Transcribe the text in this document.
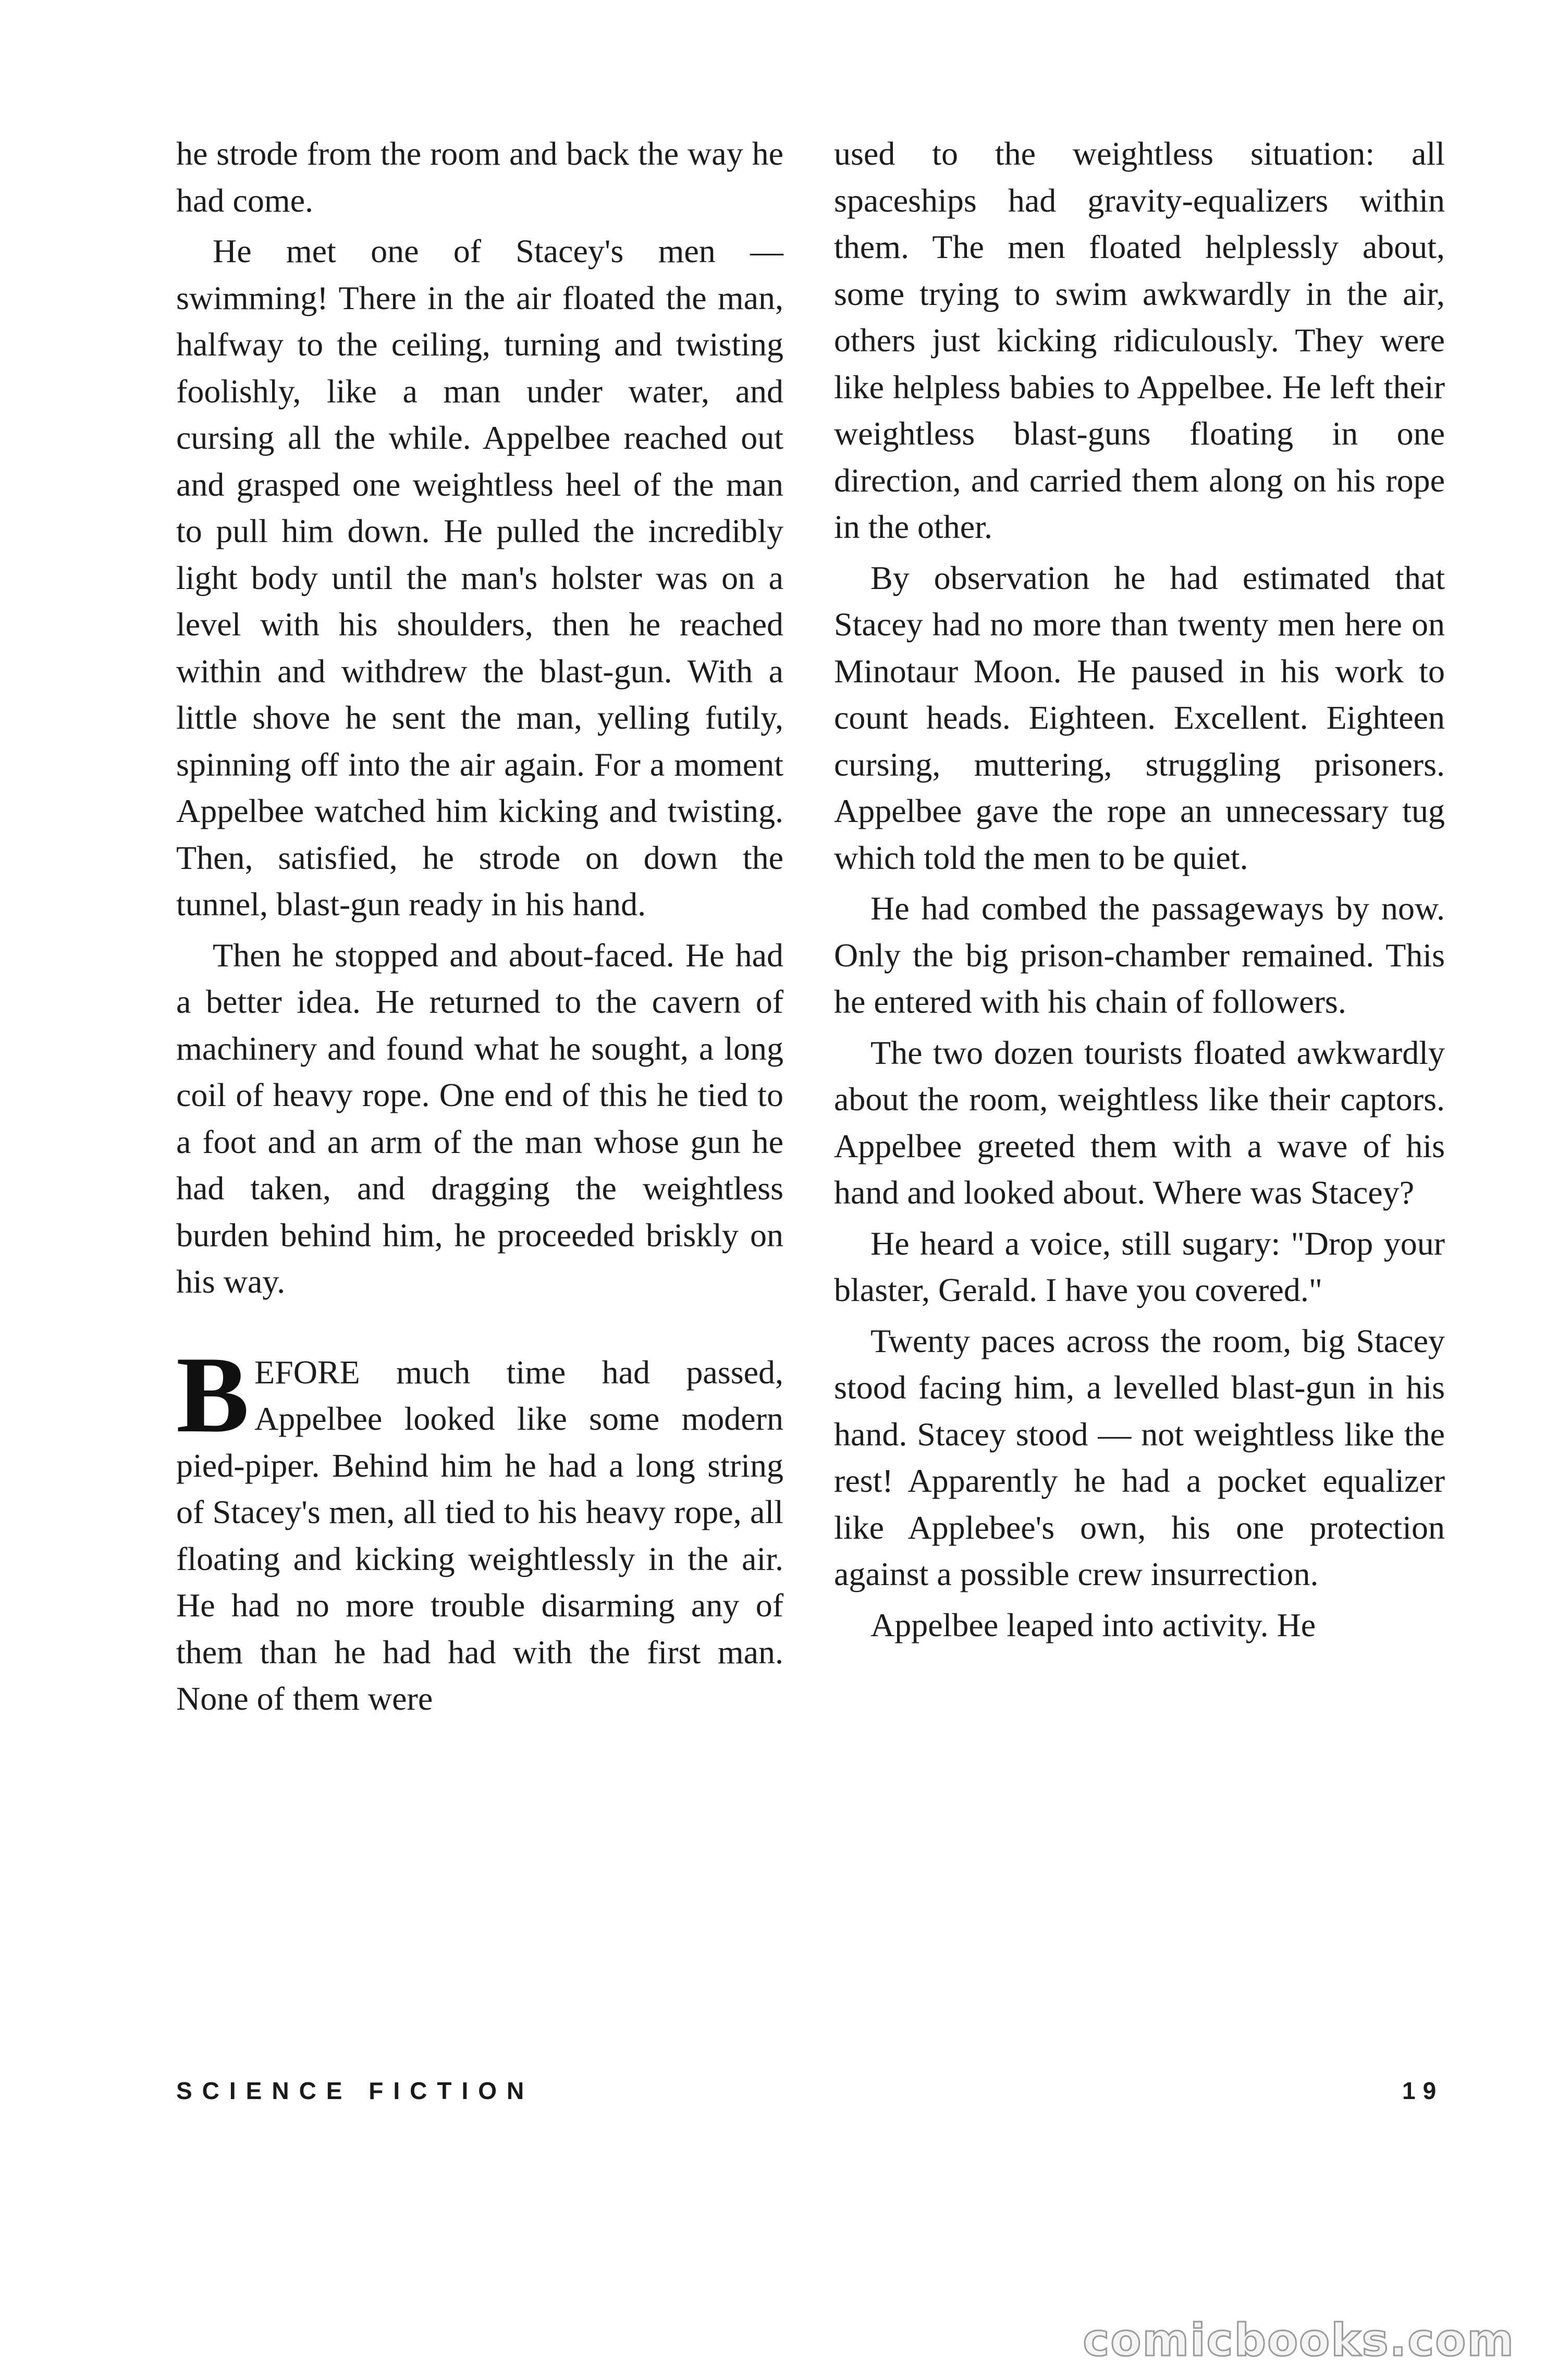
he strode from the room and back the way he had come.

He met one of Stacey's men — swimming! There in the air floated the man, halfway to the ceiling, turning and twisting foolishly, like a man under water, and cursing all the while. Appelbee reached out and grasped one weightless heel of the man to pull him down. He pulled the incredibly light body until the man's holster was on a level with his shoulders, then he reached within and withdrew the blast-gun. With a little shove he sent the man, yelling futily, spinning off into the air again. For a moment Appelbee watched him kicking and twisting. Then, satisfied, he strode on down the tunnel, blast-gun ready in his hand.

Then he stopped and about-faced. He had a better idea. He returned to the cavern of machinery and found what he sought, a long coil of heavy rope. One end of this he tied to a foot and an arm of the man whose gun he had taken, and dragging the weightless burden behind him, he proceeded briskly on his way.

BEFORE much time had passed, Appelbee looked like some modern pied-piper. Behind him he had a long string of Stacey's men, all tied to his heavy rope, all floating and kicking weightlessly in the air. He had no more trouble disarming any of them than he had had with the first man. None of them were

used to the weightless situation: all spaceships had gravity-equalizers within them. The men floated helplessly about, some trying to swim awkwardly in the air, others just kicking ridiculously. They were like helpless babies to Appelbee. He left their weightless blast-guns floating in one direction, and carried them along on his rope in the other.

By observation he had estimated that Stacey had no more than twenty men here on Minotaur Moon. He paused in his work to count heads. Eighteen. Excellent. Eighteen cursing, muttering, struggling prisoners. Appelbee gave the rope an unnecessary tug which told the men to be quiet.

He had combed the passageways by now. Only the big prison-chamber remained. This he entered with his chain of followers.

The two dozen tourists floated awkwardly about the room, weightless like their captors. Appelbee greeted them with a wave of his hand and looked about. Where was Stacey?

He heard a voice, still sugary: "Drop your blaster, Gerald. I have you covered."

Twenty paces across the room, big Stacey stood facing him, a levelled blast-gun in his hand. Stacey stood — not weightless like the rest! Apparently he had a pocket equalizer like Applebee's own, his one protection against a possible crew insurrection.

Appelbee leaped into activity. He

SCIENCE FICTION	19
comicbooks.com
